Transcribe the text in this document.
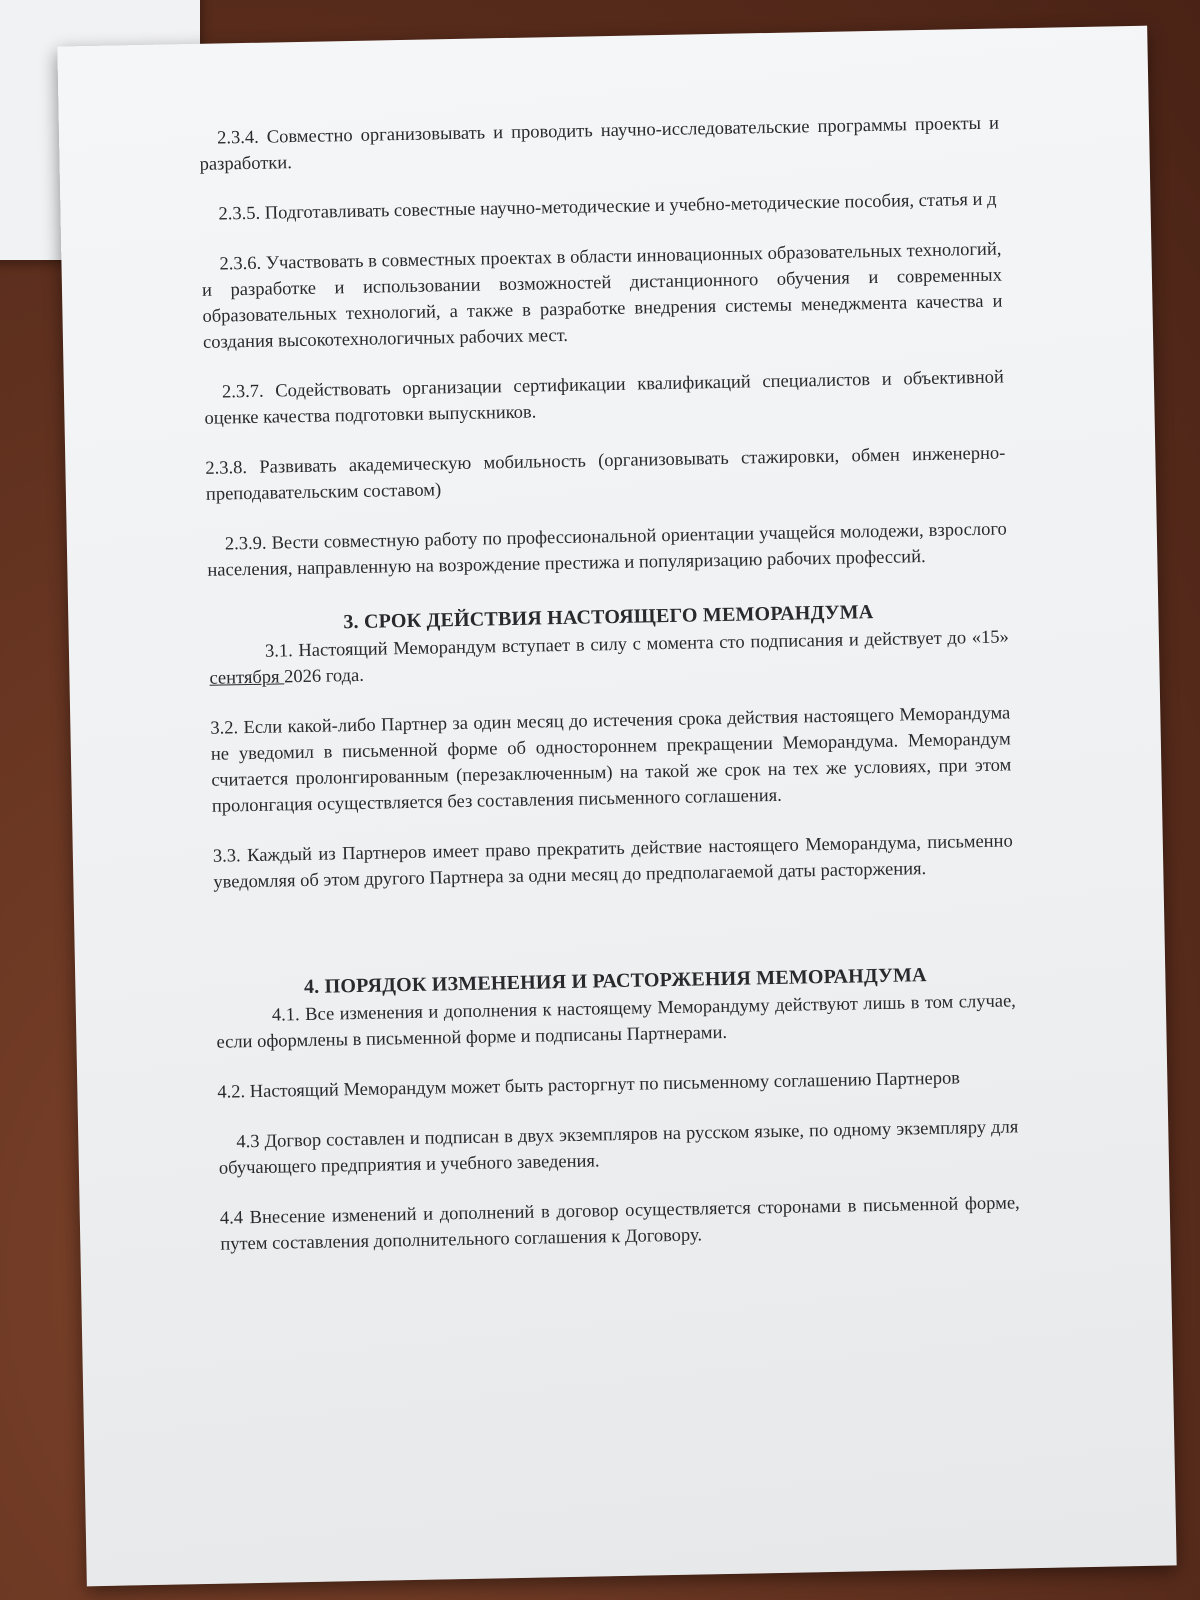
2.3.4. Совместно организовывать и проводить научно-исследовательские программы проекты и разработки.

2.3.5. Подготавливать совестные научно-методические и учебно-методические пособия, статья и д

2.3.6. Участвовать в совместных проектах в области инновационных образовательных технологий, и разработке и использовании возможностей дистанционного обучения и современных образовательных технологий, а также в разработке внедрения системы менеджмента качества и создания высокотехнологичных рабочих мест.

2.3.7. Содействовать организации сертификации квалификаций специалистов и объективной оценке качества подготовки выпускников.

2.3.8. Развивать академическую мобильность (организовывать стажировки, обмен инженерно-преподавательским составом)

2.3.9. Вести совместную работу по профессиональной ориентации учащейся молодежи, взрослого населения, направленную на возрождение престижа и популяризацию рабочих профессий.

3. СРОК ДЕЙСТВИЯ НАСТОЯЩЕГО МЕМОРАНДУМА

3.1. Настоящий Меморандум вступает в силу с момента сто подписания и действует до «15» сентября 2026 года.

3.2. Если какой-либо Партнер за один месяц до истечения срока действия настоящего Меморандума не уведомил в письменной форме об одностороннем прекращении Меморандума. Меморандум считается пролонгированным (перезаключенным) на такой же срок на тех же условиях, при этом пролонгация осуществляется без составления письменного соглашения.

3.3. Каждый из Партнеров имеет право прекратить действие настоящего Меморандума, письменно уведомляя об этом другого Партнера за одни месяц до предполагаемой даты расторжения.

4. ПОРЯДОК ИЗМЕНЕНИЯ И РАСТОРЖЕНИЯ МЕМОРАНДУМА

4.1. Все изменения и дополнения к настоящему Меморандуму действуют лишь в том случае, если оформлены в письменной форме и подписаны Партнерами.

4.2. Настоящий Меморандум может быть расторгнут по письменному соглашению Партнеров

4.3 Догвор составлен и подписан в двух экземпляров на русском языке, по одному экземпляру для обучающего предприятия и учебного заведения.

4.4 Внесение изменений и дополнений в договор осуществляется сторонами в письменной форме, путем составления дополнительного соглашения к Договору.
